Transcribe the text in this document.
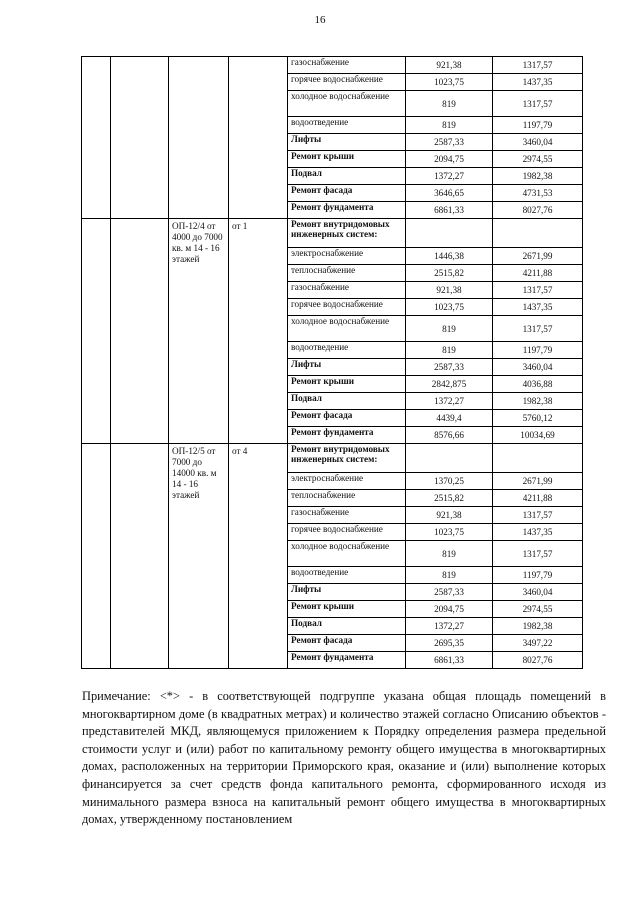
16
				газоснабжение	921,38	1317,57
				горячее водоснабжение	1023,75	1437,35
				холодное водоснабжение	819	1317,57
				водоотведение	819	1197,79
				Лифты	2587,33	3460,04
				Ремонт крыши	2094,75	2974,55
				Подвал	1372,27	1982,38
				Ремонт фасада	3646,65	4731,53
				Ремонт фундамента	6861,33	8027,76
		ОП-12/4 от 4000 до 7000 кв. м 14 - 16 этажей	от 1	Ремонт внутридомовых инженерных систем:		
				электроснабжение	1446,38	2671,99
				теплоснабжение	2515,82	4211,88
				газоснабжение	921,38	1317,57
				горячее водоснабжение	1023,75	1437,35
				холодное водоснабжение	819	1317,57
				водоотведение	819	1197,79
				Лифты	2587,33	3460,04
				Ремонт крыши	2842,875	4036,88
				Подвал	1372,27	1982,38
				Ремонт фасада	4439,4	5760,12
				Ремонт фундамента	8576,66	10034,69
		ОП-12/5 от 7000 до 14000 кв. м 14 - 16 этажей	от 4	Ремонт внутридомовых инженерных систем:		
				электроснабжение	1370,25	2671,99
				теплоснабжение	2515,82	4211,88
				газоснабжение	921,38	1317,57
				горячее водоснабжение	1023,75	1437,35
				холодное водоснабжение	819	1317,57
				водоотведение	819	1197,79
				Лифты	2587,33	3460,04
				Ремонт крыши	2094,75	2974,55
				Подвал	1372,27	1982,38
				Ремонт фасада	2695,35	3497,22
				Ремонт фундамента	6861,33	8027,76
Примечание: <*> - в соответствующей подгруппе указана общая площадь помещений в многоквартирном доме (в квадратных метрах) и количество этажей согласно Описанию объектов - представителей МКД, являющемуся приложением к Порядку определения размера предельной стоимости услуг и (или) работ по капитальному ремонту общего имущества в многоквартирных домах, расположенных на территории Приморского края, оказание и (или) выполнение которых финансируется за счет средств фонда капитального ремонта, сформированного исходя из минимального размера взноса на капитальный ремонт общего имущества в многоквартирных домах, утвержденному постановлением
